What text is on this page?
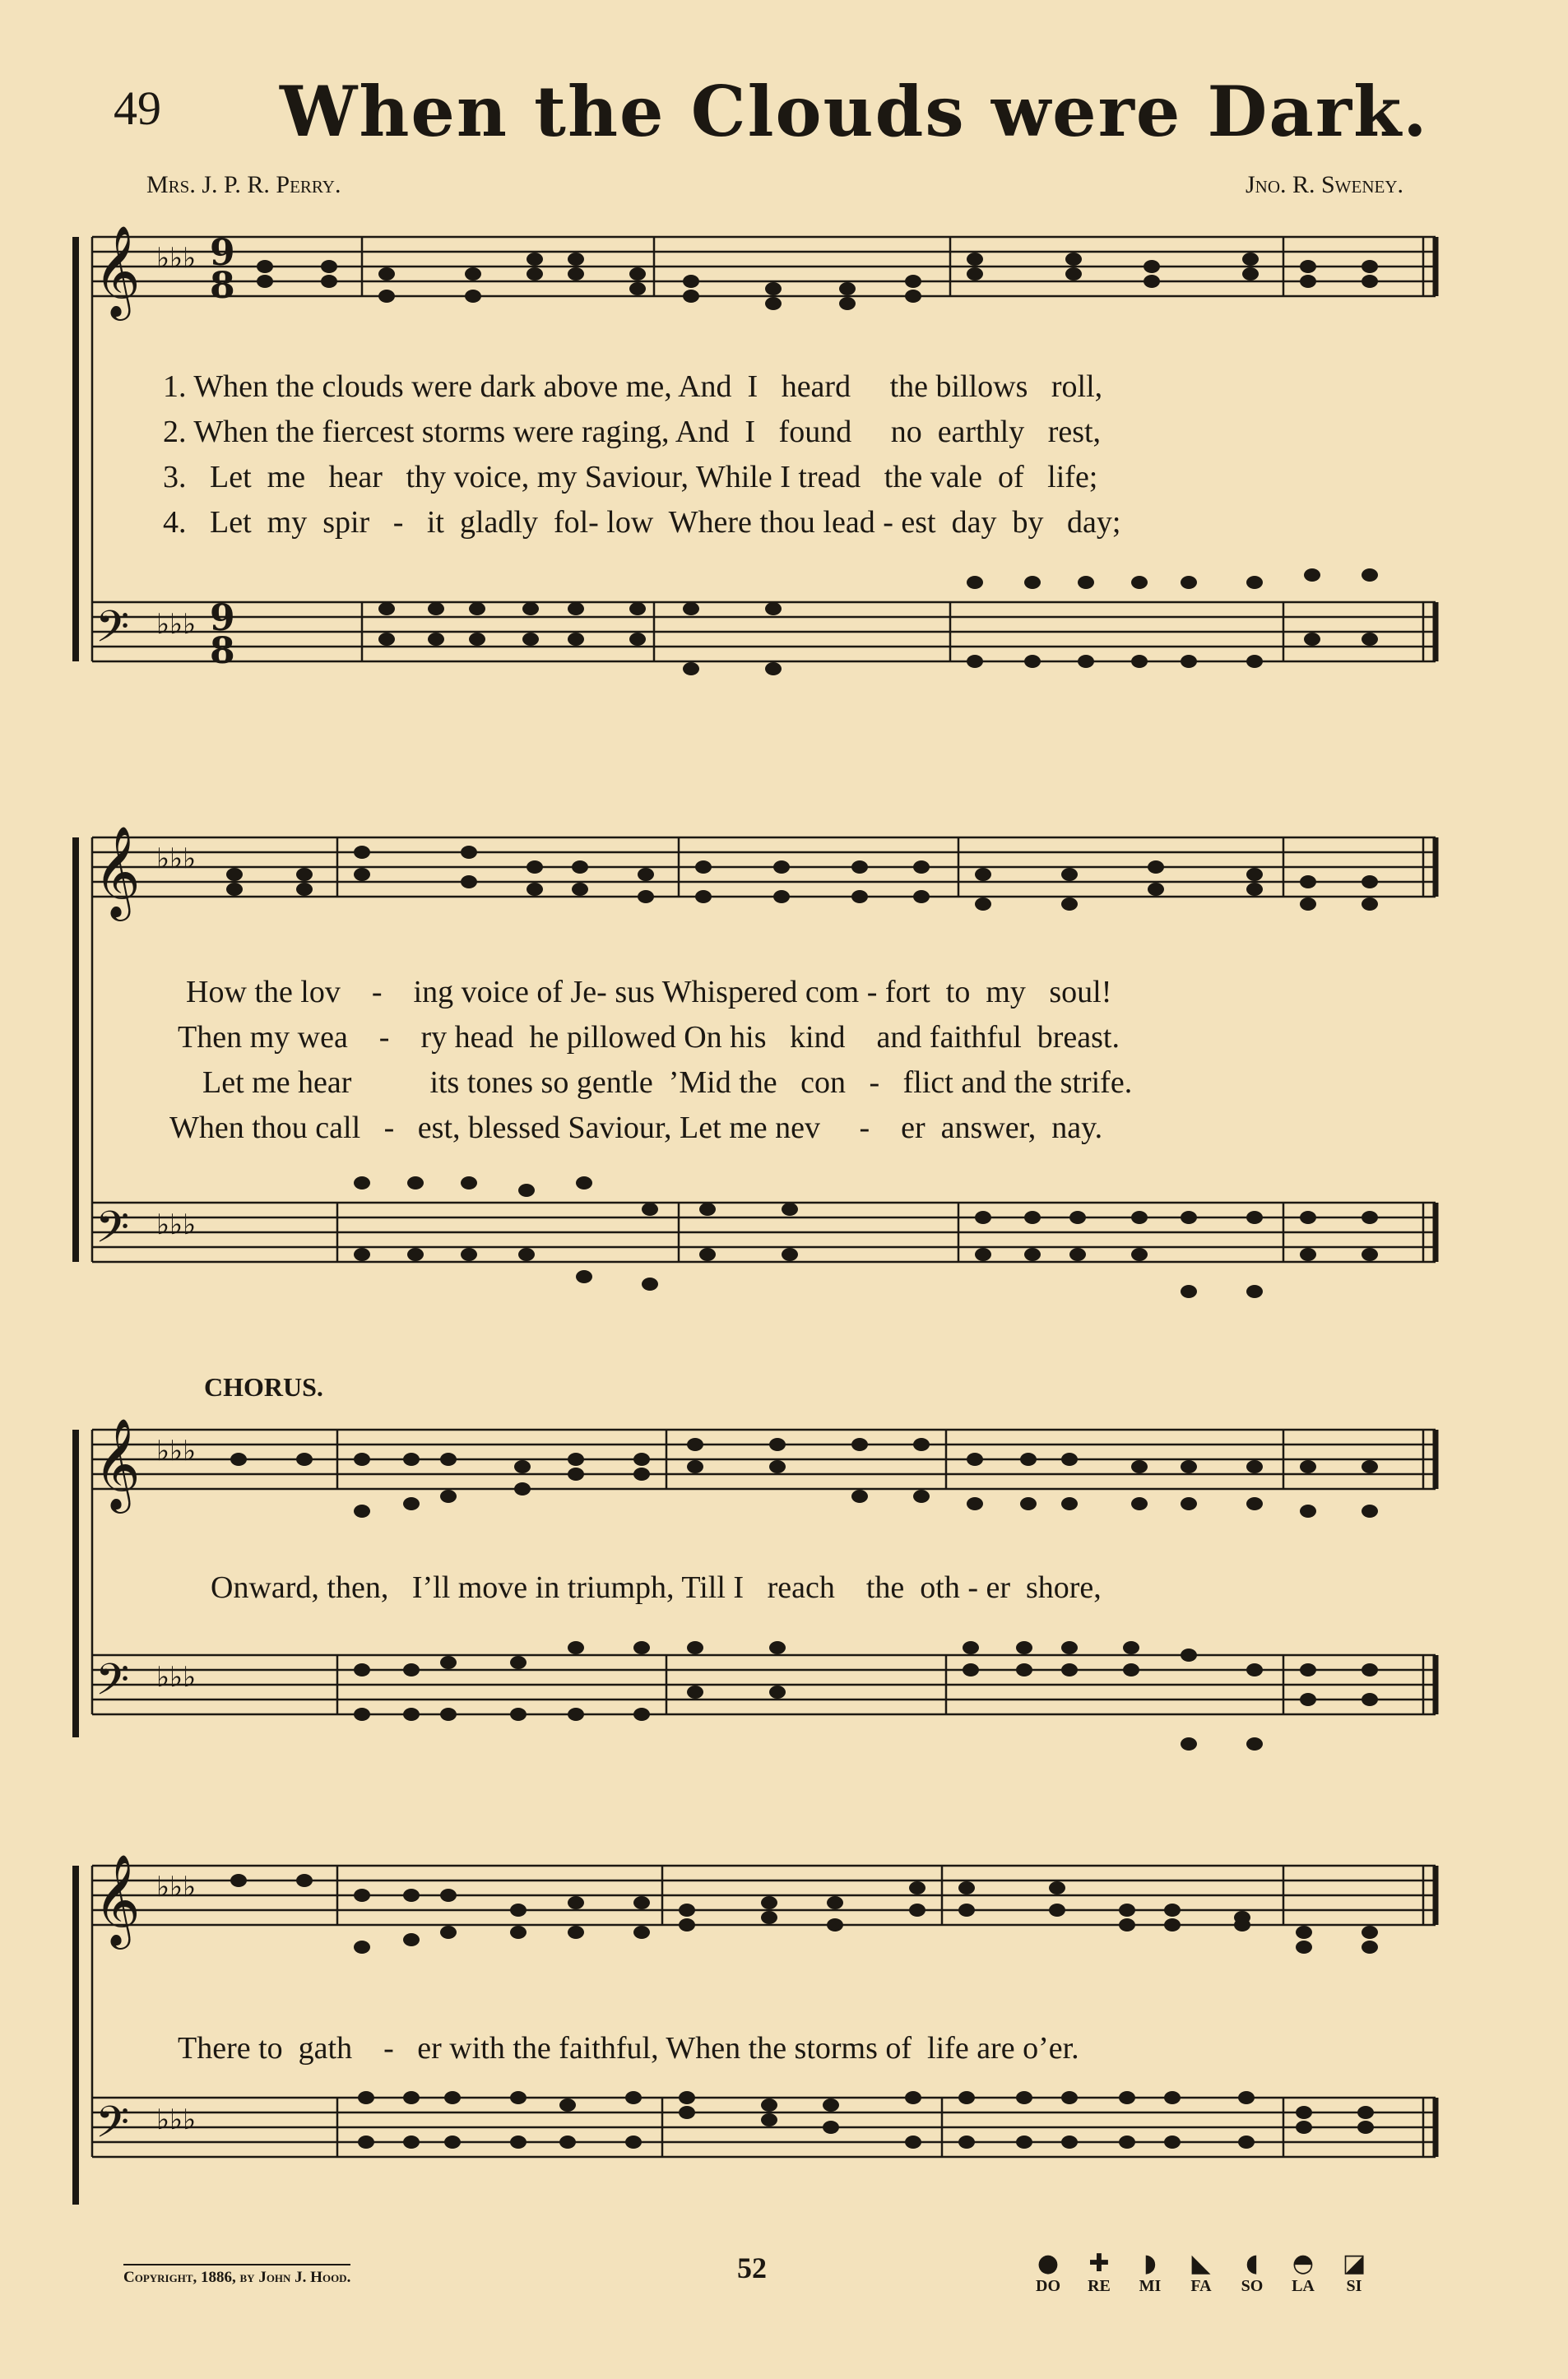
49 When the Clouds were Dark.
Mrs. J. P. R. Perry.	Jno. R. Sweney.
𝄞
𝄢
♭♭♭
♭♭♭
9
8
9
8
1. When the clouds were dark above me, And  I   heard     the billows   roll,
2. When the fiercest storms were raging, And  I   found     no  earthly   rest,
3.   Let  me   hear   thy voice, my Saviour, While I tread   the vale  of   life;
4.   Let  my  spir   -   it  gladly  fol- low  Where thou lead - est  day  by   day;
𝄞
𝄢
♭♭♭
♭♭♭
How the lov    -    ing voice of Je- sus Whispered com - fort  to  my   soul!
Then my wea    -    ry head  he pillowed On his   kind    and faithful  breast.
Let me hear          its tones so gentle  ’Mid the   con   -   flict and the strife.
When thou call   -   est, blessed Saviour, Let me nev     -    er  answer,  nay.
CHORUS.
𝄞
𝄢
♭♭♭
♭♭♭
Onward, then,   I’ll move in triumph, Till I   reach    the  oth - er  shore,
𝄞
𝄢
♭♭♭
♭♭♭
There to  gath    -   er with the faithful, When the storms of  life are o’er.
Copyright, 1886, by John J. Hood.	52	●
DO
✚
RE
◗
MI
◣
FA
◖
SO
◓
LA
◪
SI
